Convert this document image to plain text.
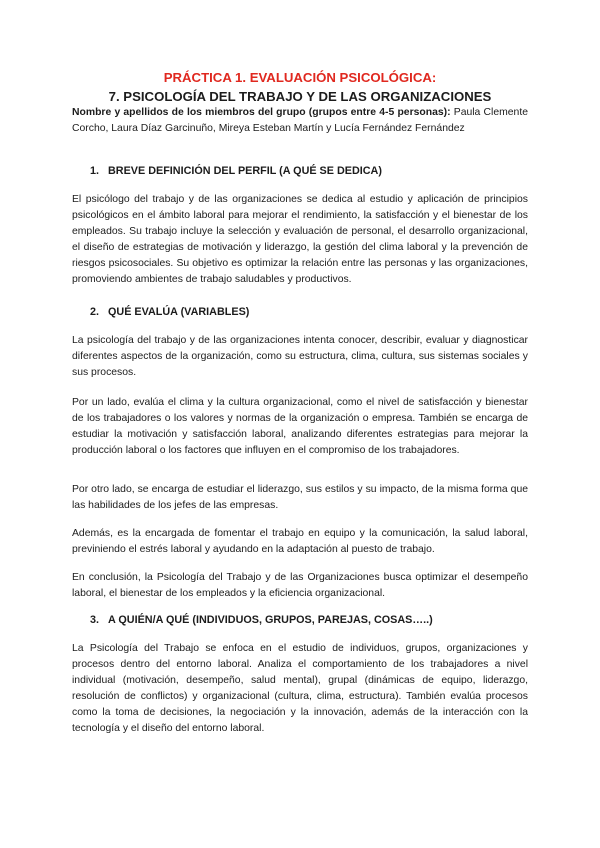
PRÁCTICA 1. EVALUACIÓN PSICOLÓGICA:
7. PSICOLOGÍA DEL TRABAJO Y DE LAS ORGANIZACIONES
Nombre y apellidos de los miembros del grupo (grupos entre 4-5 personas): Paula Clemente Corcho, Laura Díaz Garcinuño, Mireya Esteban Martín y Lucía Fernández Fernández
1. BREVE DEFINICIÓN DEL PERFIL (A QUÉ SE DEDICA)

El psicólogo del trabajo y de las organizaciones se dedica al estudio y aplicación de principios psicológicos en el ámbito laboral para mejorar el rendimiento, la satisfacción y el bienestar de los empleados. Su trabajo incluye la selección y evaluación de personal, el desarrollo organizacional, el diseño de estrategias de motivación y liderazgo, la gestión del clima laboral y la prevención de riesgos psicosociales. Su objetivo es optimizar la relación entre las personas y las organizaciones, promoviendo ambientes de trabajo saludables y productivos.

2. QUÉ EVALÚA (VARIABLES)

La psicología del trabajo y de las organizaciones intenta conocer, describir, evaluar y diagnosticar diferentes aspectos de la organización, como su estructura, clima, cultura, sus sistemas sociales y sus procesos.

Por un lado, evalúa el clima y la cultura organizacional, como el nivel de satisfacción y bienestar de los trabajadores o los valores y normas de la organización o empresa. También se encarga de estudiar la motivación y satisfacción laboral, analizando diferentes estrategias para mejorar la producción laboral o los factores que influyen en el compromiso de los trabajadores.

Por otro lado, se encarga de estudiar el liderazgo, sus estilos y su impacto, de la misma forma que las habilidades de los jefes de las empresas.

Además, es la encargada de fomentar el trabajo en equipo y la comunicación, la salud laboral, previniendo el estrés laboral y ayudando en la adaptación al puesto de trabajo.

En conclusión, la Psicología del Trabajo y de las Organizaciones busca optimizar el desempeño laboral, el bienestar de los empleados y la eficiencia organizacional.

3. A QUIÉN/A QUÉ (INDIVIDUOS, GRUPOS, PAREJAS, COSAS…..)

La Psicología del Trabajo se enfoca en el estudio de individuos, grupos, organizaciones y procesos dentro del entorno laboral. Analiza el comportamiento de los trabajadores a nivel individual (motivación, desempeño, salud mental), grupal (dinámicas de equipo, liderazgo, resolución de conflictos) y organizacional (cultura, clima, estructura). También evalúa procesos como la toma de decisiones, la negociación y la innovación, además de la interacción con la tecnología y el diseño del entorno laboral.
